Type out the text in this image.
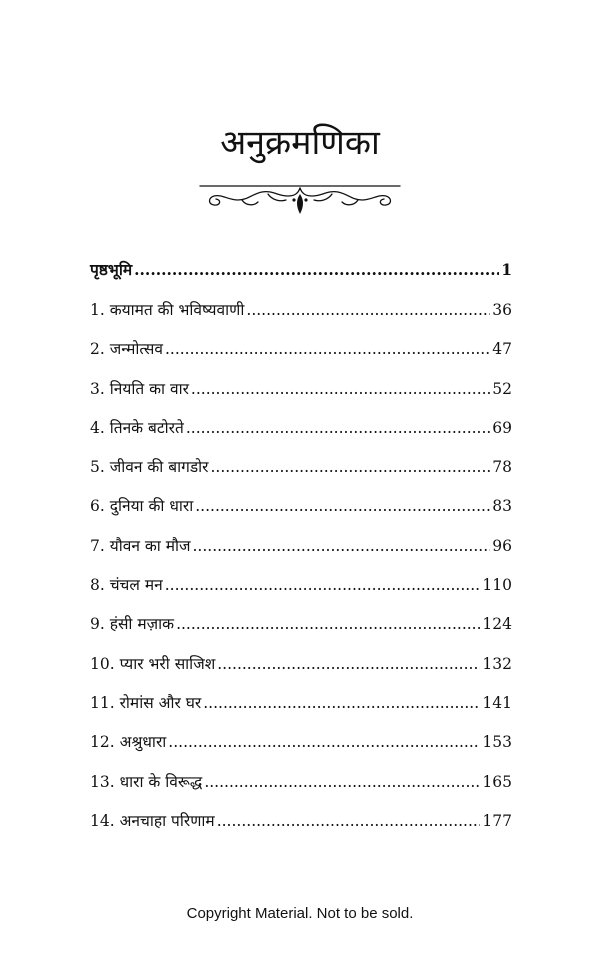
अनुक्रमणिका
पृष्ठभूमि .....	1
1. कयामत की भविष्यवाणी .....	36
2. जन्मोत्सव .....	47
3. नियति का वार .....	52
4. तिनके बटोरते .....	69
5. जीवन की बागडोर .....	78
6. दुनिया की धारा .....	83
7. यौवन का मौज .....	96
8. चंचल मन .....	110
9. हंसी मज़ाक .....	124
10. प्यार भरी साजिश .....	132
11. रोमांस और घर .....	141
12. अश्रुधारा .....	153
13. धारा के विरूद्ध .....	165
14. अनचाहा परिणाम .....	177
Copyright Material. Not to be sold.
